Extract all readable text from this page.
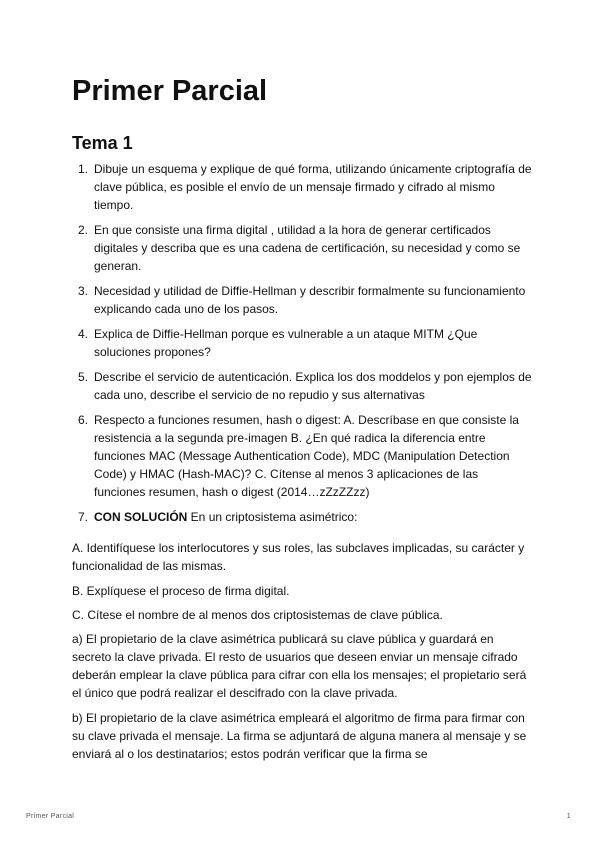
Primer Parcial
Tema 1
1. Dibuje un esquema y explique de qué forma, utilizando únicamente criptografía de clave pública, es posible el envío de un mensaje firmado y cifrado al mismo tiempo.
2. En que consiste una firma digital , utilidad a la hora de generar certificados digitales y describa que es una cadena de certificación, su necesidad y como se generan.
3. Necesidad y utilidad de Diffie-Hellman y describir formalmente su funcionamiento explicando cada uno de los pasos.
4. Explica de Diffie-Hellman porque es vulnerable a un ataque MITM ¿Que soluciones propones?
5. Describe el servicio de autenticación. Explica los dos moddelos y pon ejemplos de cada uno, describe el servicio de no repudio y sus alternativas
6. Respecto a funciones resumen, hash o digest: A. Descríbase en que consiste la resistencia a la segunda pre-imagen B. ¿En qué radica la diferencia entre funciones MAC (Message Authentication Code), MDC (Manipulation Detection Code) y HMAC (Hash-MAC)? C. Cítense al menos 3 aplicaciones de las funciones resumen, hash o digest (2014…zZzZZzz)
7. CON SOLUCIÓN En un criptosistema asimétrico:

A. Identifíquese los interlocutores y sus roles, las subclaves implicadas, su carácter y funcionalidad de las mismas.

B. Explíquese el proceso de firma digital.

C. Cítese el nombre de al menos dos criptosistemas de clave pública.

a) El propietario de la clave asimétrica publicará su clave pública y guardará en secreto la clave privada. El resto de usuarios que deseen enviar un mensaje cifrado deberán emplear la clave pública para cifrar con ella los mensajes; el propietario será el único que podrá realizar el descifrado con la clave privada.

b) El propietario de la clave asimétrica empleará el algoritmo de firma para firmar con su clave privada el mensaje. La firma se adjuntará de alguna manera al mensaje y se enviará al o los destinatarios; estos podrán verificar que la firma se

Primer Parcial	1
